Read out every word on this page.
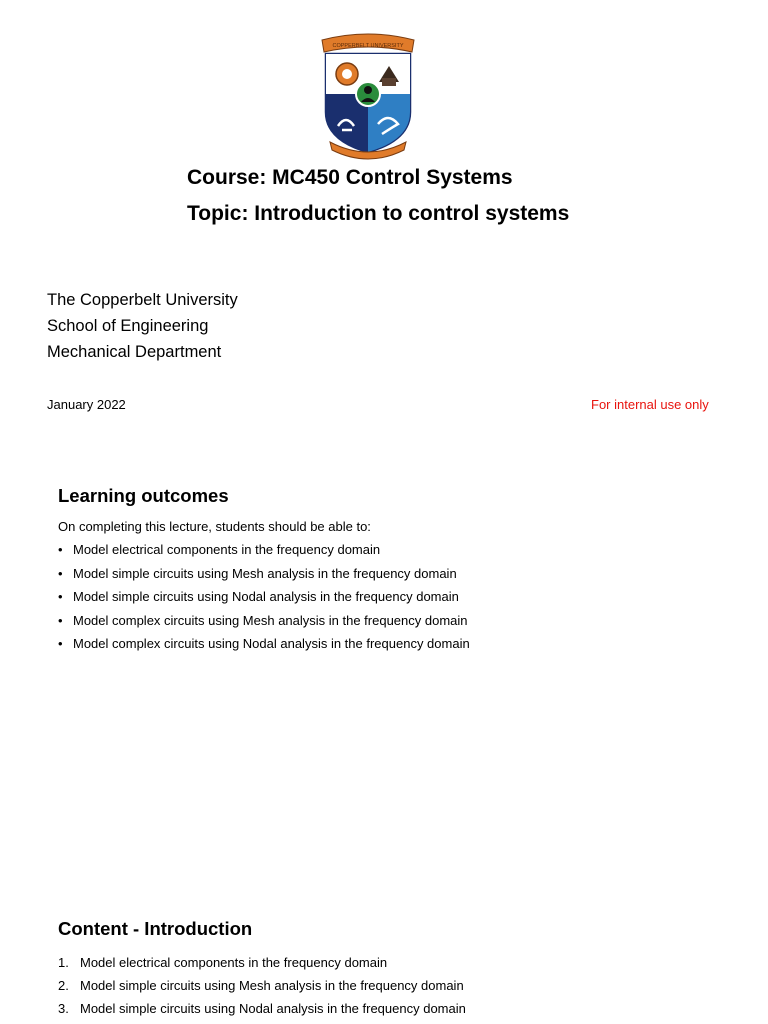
COPPERBELT UNIVERSITY
Course: MC450 Control Systems
Topic: Introduction to control systems
The Copperbelt University
School of Engineering
Mechanical Department
January 2022	For internal use only
Learning outcomes
On completing this lecture, students should be able to:
• Model electrical components in the frequency domain
• Model simple circuits using Mesh analysis in the frequency domain
• Model simple circuits using Nodal analysis in the frequency domain
• Model complex circuits using Mesh analysis in the frequency domain
• Model complex circuits using Nodal analysis in the frequency domain
Content - Introduction
1. Model electrical components in the frequency domain
2. Model simple circuits using Mesh analysis in the frequency domain
3. Model simple circuits using Nodal analysis in the frequency domain
